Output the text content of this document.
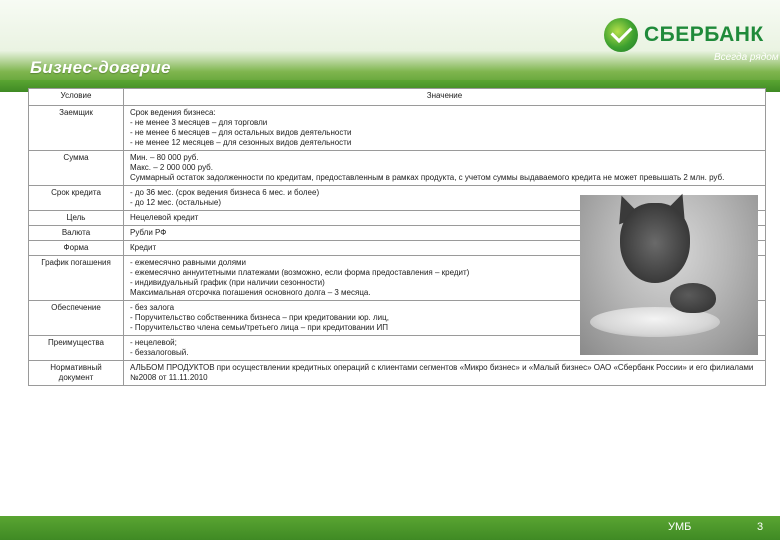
Бизнес-доверие
СБЕРБАНК
Всегда рядом
Условие	Значение
Заемщик	Срок ведения бизнеса:
- не менее 3 месяцев – для торговли
- не менее 6 месяцев – для остальных видов деятельности
- не менее 12 месяцев – для сезонных видов деятельности

Сумма	Мин. – 80 000 руб.
Макс. – 2 000 000 руб.
Суммарный остаток задолженности по кредитам, предоставленным в рамках продукта, с учетом суммы выдаваемого кредита не может превышать 2 млн. руб.

Срок кредита	- до 36 мес. (срок ведения бизнеса 6 мес. и более)
- до 12 мес. (остальные)

Цель	Нецелевой кредит

Валюта	Рубли РФ

Форма	Кредит

График погашения	- ежемесячно равными долями
- ежемесячно аннуитетными платежами (возможно, если форма предоставления – кредит)
- индивидуальный график (при наличии сезонности)
Максимальная отсрочка погашения основного долга – 3 месяца.

Обеспечение	- без залога
- Поручительство собственника бизнеса – при кредитовании юр. лиц,
- Поручительство члена семьи/третьего лица – при кредитовании ИП

Преимущества	- нецелевой;
- беззалоговый.

Нормативный документ	АЛЬБОМ ПРОДУКТОВ при осуществлении кредитных операций с клиентами сегментов «Микро бизнес» и «Малый бизнес» ОАО «Сбербанк России» и его филиалами №2008 от 11.11.2010
УМБ	3
